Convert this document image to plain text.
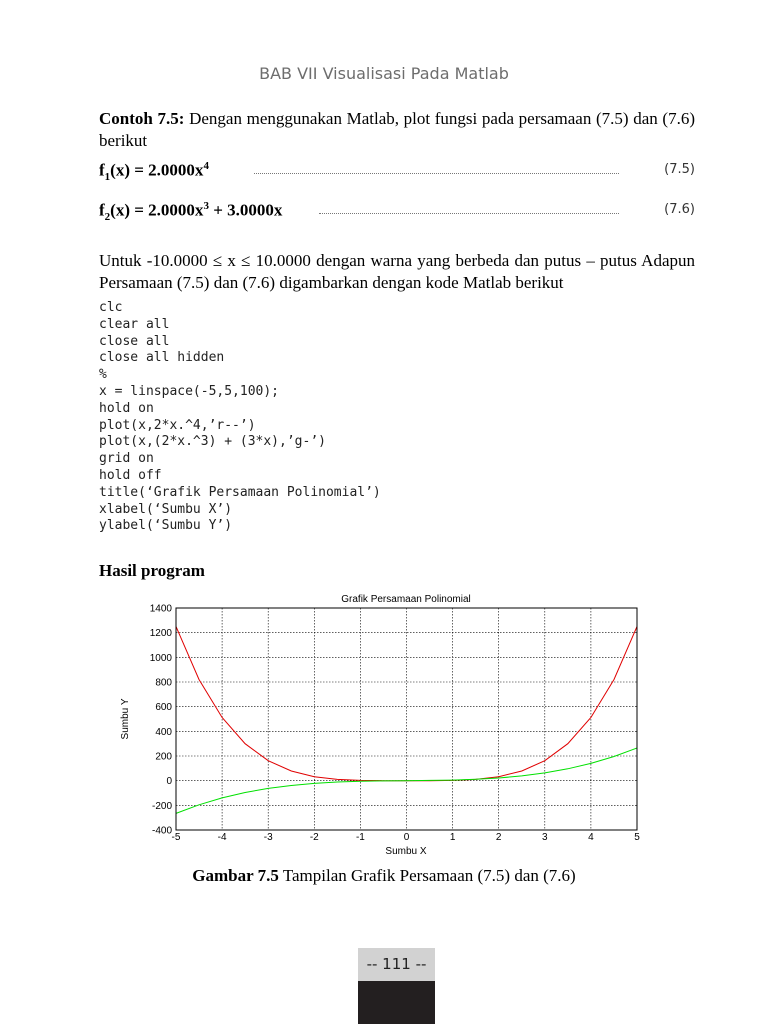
BAB VII Visualisasi Pada Matlab
Contoh 7.5: Dengan menggunakan Matlab, plot fungsi pada persamaan (7.5) dan (7.6) berikut
$f_1(x) = 2.0000x^4$	(7.5)
$f_2(x) = 2.0000x^3 + 3.0000x$	(7.6)
Untuk -10.0000 ≤ x ≤ 10.0000 dengan warna yang berbeda dan putus – putus Adapun Persamaan (7.5) dan (7.6) digambarkan dengan kode Matlab berikut
clc
clear all
close all
close all hidden
%
x = linspace(-5,5,100);
hold on
plot(x,2*x.^4,’r--’)
plot(x,(2*x.^3) + (3*x),’g-’)
grid on
hold off
title(‘Grafik Persamaan Polinomial’)
xlabel(‘Sumbu X’)
ylabel(‘Sumbu Y’)
Hasil program
Grafik Persamaan Polinomial
-5	-4	-3	-2	-1	0	1	2	3	4	5
-400
-200
0
200
400
600
800
1000
1200
1400
Sumbu X
Sumbu Y
Gambar 7.5 Tampilan Grafik Persamaan (7.5) dan (7.6)
-- 111 --
